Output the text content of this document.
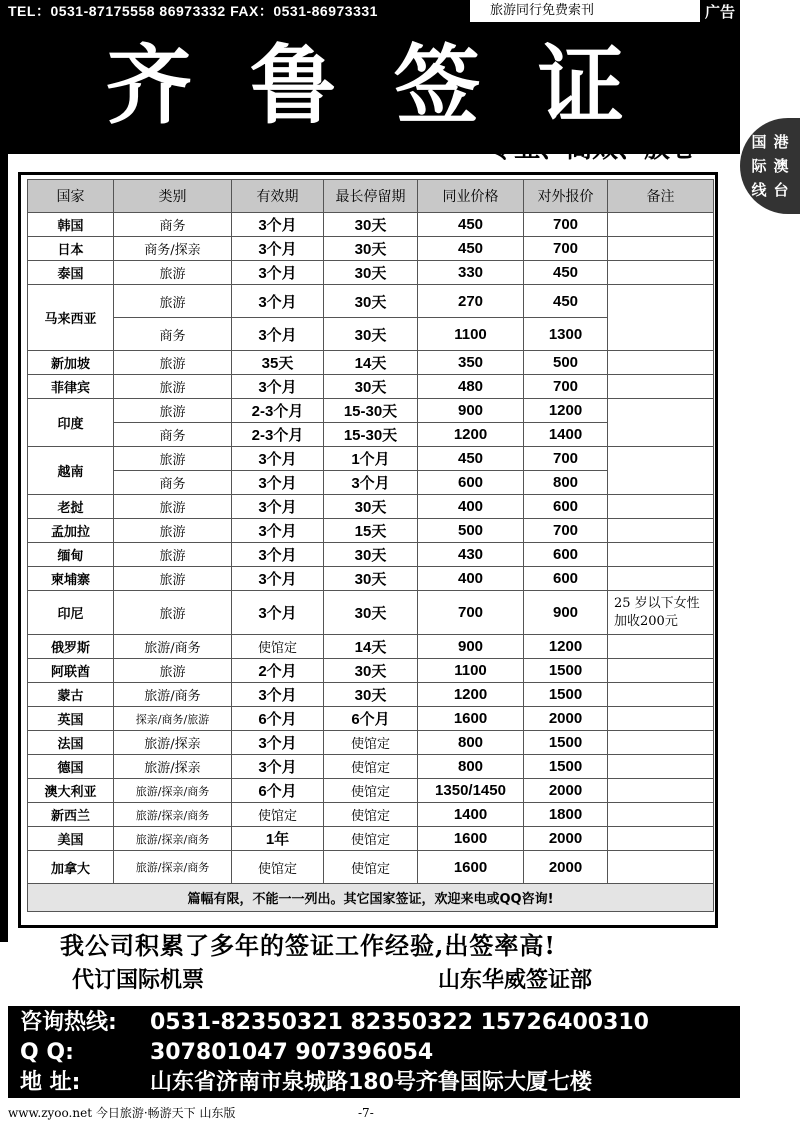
TEL：0531-87175558 86973332 FAX：0531-86973331	旅游同行免费索刊	广告
齐鲁签证
——专业、高效、放心	国 港
际 澳
线 台
国家	类别	有效期	最长停留期	同业价格	对外报价	备注
韩国	商务	3个月	30天	450	700	
日本	商务/探亲	3个月	30天	450	700	
泰国	旅游	3个月	30天	330	450	
马来西亚	旅游	3个月	30天	270	450	
	商务	3个月	30天	1100	1300	
新加坡	旅游	35天	14天	350	500	
菲律宾	旅游	3个月	30天	480	700	
印度	旅游	2-3个月	15-30天	900	1200	
	商务	2-3个月	15-30天	1200	1400	
越南	旅游	3个月	1个月	450	700	
	商务	3个月	3个月	600	800	
老挝	旅游	3个月	30天	400	600	
孟加拉	旅游	3个月	15天	500	700	
缅甸	旅游	3个月	30天	430	600	
柬埔寨	旅游	3个月	30天	400	600	
印尼	旅游	3个月	30天	700	900	25 岁以下女性加收200元
俄罗斯	旅游/商务	使馆定	14天	900	1200	
阿联酋	旅游	2个月	30天	1100	1500	
蒙古	旅游/商务	3个月	30天	1200	1500	
英国	探亲/商务/旅游	6个月	6个月	1600	2000	
法国	旅游/探亲	3个月	使馆定	800	1500	
德国	旅游/探亲	3个月	使馆定	800	1500	
澳大利亚	旅游/探亲/商务	6个月	使馆定	1350/1450	2000	
新西兰	旅游/探亲/商务	使馆定	使馆定	1400	1800	
美国	旅游/探亲/商务	1年	使馆定	1600	2000	
加拿大	旅游/探亲/商务	使馆定	使馆定	1600	2000	
篇幅有限，不能一一列出。其它国家签证，欢迎来电或QQ咨询!						
我公司积累了多年的签证工作经验,出签率高!
代订国际机票	山东华威签证部
咨询热线: 0531-82350321 82350322 15726400310
Q Q:	307801047 907396054
地 址:	山东省济南市泉城路180号齐鲁国际大厦七楼
www.zyoo.net 今日旅游·畅游天下 山东版	-7-
